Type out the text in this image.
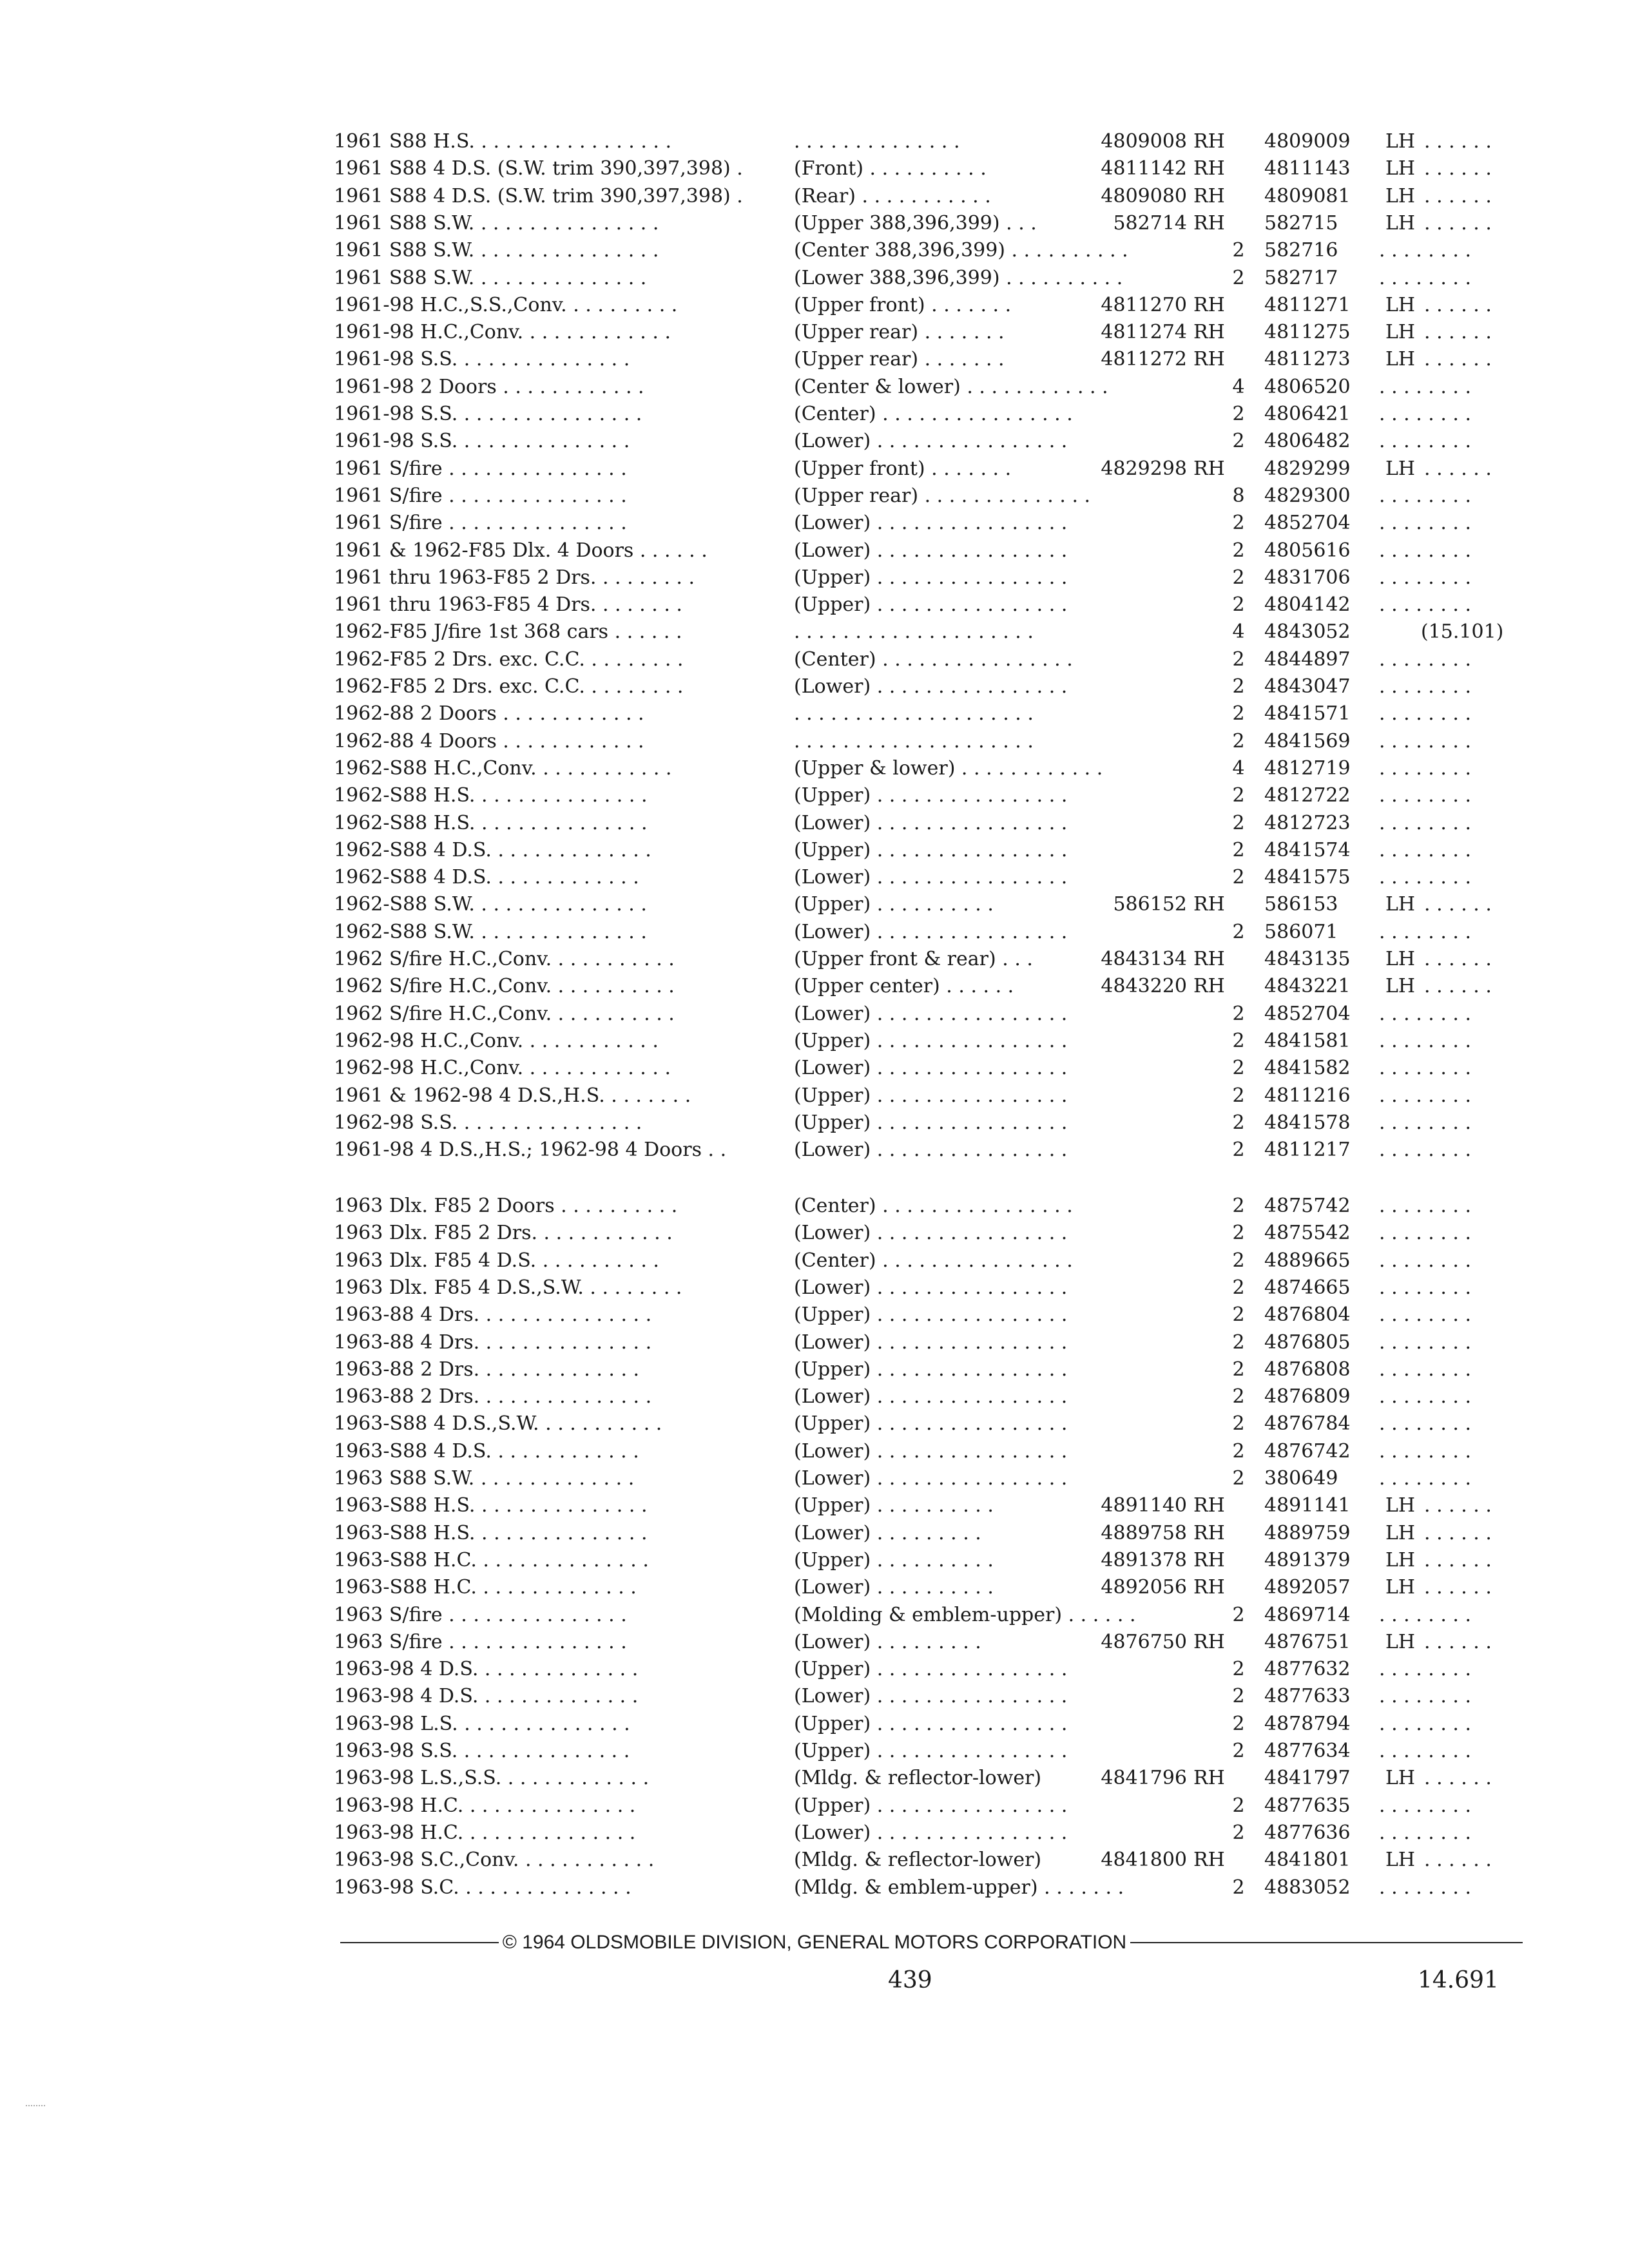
1961 S88 H.S. . . . . . . . . . . . . . . . .	. . . . . . . . . . . . . .	4809008 RH 4809009	LH . . . . . .
1961 S88 4 D.S. (S.W. trim 390,397,398) .	(Front) . . . . . . . . . .	4811142 RH 4811143	LH . . . . . .
1961 S88 4 D.S. (S.W. trim 390,397,398) .	(Rear) . . . . . . . . . . .	4809080 RH 4809081	LH . . . . . .
1961 S88 S.W. . . . . . . . . . . . . . . .	(Upper 388,396,399) . . .	582714 RH 582715	LH . . . . . .
1961 S88 S.W. . . . . . . . . . . . . . . .	(Center 388,396,399) . . . . . . . . . .	2 582716	. . . . . . . .
1961 S88 S.W. . . . . . . . . . . . . . .	(Lower 388,396,399) . . . . . . . . . .	2 582717	. . . . . . . .
1961-98 H.C.,S.S.,Conv. . . . . . . . . .	(Upper front) . . . . . . .	4811270 RH 4811271	LH . . . . . .
1961-98 H.C.,Conv. . . . . . . . . . . . .	(Upper rear) . . . . . . .	4811274 RH 4811275	LH . . . . . .
1961-98 S.S. . . . . . . . . . . . . . .	(Upper rear) . . . . . . .	4811272 RH 4811273	LH . . . . . .
1961-98 2 Doors . . . . . . . . . . . .	(Center & lower) . . . . . . . . . . . .	4 4806520	. . . . . . . .
1961-98 S.S. . . . . . . . . . . . . . . .	(Center) . . . . . . . . . . . . . . . .	2 4806421	. . . . . . . .
1961-98 S.S. . . . . . . . . . . . . . .	(Lower) . . . . . . . . . . . . . . . .	2 4806482	. . . . . . . .
1961 S/fire . . . . . . . . . . . . . . .	(Upper front) . . . . . . .	4829298 RH 4829299	LH . . . . . .
1961 S/fire . . . . . . . . . . . . . . .	(Upper rear) . . . . . . . . . . . . . .	8 4829300	. . . . . . . .
1961 S/fire . . . . . . . . . . . . . . .	(Lower) . . . . . . . . . . . . . . . .	2 4852704	. . . . . . . .
1961 & 1962-F85 Dlx. 4 Doors . . . . . .	(Lower) . . . . . . . . . . . . . . . .	2 4805616	. . . . . . . .
1961 thru 1963-F85 2 Drs. . . . . . . . .	(Upper) . . . . . . . . . . . . . . . .	2 4831706	. . . . . . . .
1961 thru 1963-F85 4 Drs. . . . . . . .	(Upper) . . . . . . . . . . . . . . . .	2 4804142	. . . . . . . .
1962-F85 J/fire 1st 368 cars . . . . . .	. . . . . . . . . . . . . . . . . . . .	4 4843052	(15.101)
1962-F85 2 Drs. exc. C.C. . . . . . . . .	(Center) . . . . . . . . . . . . . . . .	2 4844897	. . . . . . . .
1962-F85 2 Drs. exc. C.C. . . . . . . . .	(Lower) . . . . . . . . . . . . . . . .	2 4843047	. . . . . . . .
1962-88 2 Doors . . . . . . . . . . . .	. . . . . . . . . . . . . . . . . . . .	2 4841571	. . . . . . . .
1962-88 4 Doors . . . . . . . . . . . .	. . . . . . . . . . . . . . . . . . . .	2 4841569	. . . . . . . .
1962-S88 H.C.,Conv. . . . . . . . . . . .	(Upper & lower) . . . . . . . . . . . .	4 4812719	. . . . . . . .
1962-S88 H.S. . . . . . . . . . . . . . .	(Upper) . . . . . . . . . . . . . . . .	2 4812722	. . . . . . . .
1962-S88 H.S. . . . . . . . . . . . . . .	(Lower) . . . . . . . . . . . . . . . .	2 4812723	. . . . . . . .
1962-S88 4 D.S. . . . . . . . . . . . . .	(Upper) . . . . . . . . . . . . . . . .	2 4841574	. . . . . . . .
1962-S88 4 D.S. . . . . . . . . . . . .	(Lower) . . . . . . . . . . . . . . . .	2 4841575	. . . . . . . .
1962-S88 S.W. . . . . . . . . . . . . . .	(Upper) . . . . . . . . . .	586152 RH 586153	LH . . . . . .
1962-S88 S.W. . . . . . . . . . . . . . .	(Lower) . . . . . . . . . . . . . . . .	2 586071	. . . . . . . .
1962 S/fire H.C.,Conv. . . . . . . . . . .	(Upper front & rear) . . .	4843134 RH 4843135	LH . . . . . .
1962 S/fire H.C.,Conv. . . . . . . . . . .	(Upper center) . . . . . .	4843220 RH 4843221	LH . . . . . .
1962 S/fire H.C.,Conv. . . . . . . . . . .	(Lower) . . . . . . . . . . . . . . . .	2 4852704	. . . . . . . .
1962-98 H.C.,Conv. . . . . . . . . . . .	(Upper) . . . . . . . . . . . . . . . .	2 4841581	. . . . . . . .
1962-98 H.C.,Conv. . . . . . . . . . . . .	(Lower) . . . . . . . . . . . . . . . .	2 4841582	. . . . . . . .
1961 & 1962-98 4 D.S.,H.S. . . . . . . .	(Upper) . . . . . . . . . . . . . . . .	2 4811216	. . . . . . . .
1962-98 S.S. . . . . . . . . . . . . . . .	(Upper) . . . . . . . . . . . . . . . .	2 4841578	. . . . . . . .
1961-98 4 D.S.,H.S.; 1962-98 4 Doors . .	(Lower) . . . . . . . . . . . . . . . .	2 4811217	. . . . . . . .
1963 Dlx. F85 2 Doors . . . . . . . . . .	(Center) . . . . . . . . . . . . . . . .	2 4875742	. . . . . . . .
1963 Dlx. F85 2 Drs. . . . . . . . . . . .	(Lower) . . . . . . . . . . . . . . . .	2 4875542	. . . . . . . .
1963 Dlx. F85 4 D.S. . . . . . . . . . .	(Center) . . . . . . . . . . . . . . . .	2 4889665	. . . . . . . .
1963 Dlx. F85 4 D.S.,S.W. . . . . . . . .	(Lower) . . . . . . . . . . . . . . . .	2 4874665	. . . . . . . .
1963-88 4 Drs. . . . . . . . . . . . . . .	(Upper) . . . . . . . . . . . . . . . .	2 4876804	. . . . . . . .
1963-88 4 Drs. . . . . . . . . . . . . . .	(Lower) . . . . . . . . . . . . . . . .	2 4876805	. . . . . . . .
1963-88 2 Drs. . . . . . . . . . . . . .	(Upper) . . . . . . . . . . . . . . . .	2 4876808	. . . . . . . .
1963-88 2 Drs. . . . . . . . . . . . . . .	(Lower) . . . . . . . . . . . . . . . .	2 4876809	. . . . . . . .
1963-S88 4 D.S.,S.W. . . . . . . . . . .	(Upper) . . . . . . . . . . . . . . . .	2 4876784	. . . . . . . .
1963-S88 4 D.S. . . . . . . . . . . . .	(Lower) . . . . . . . . . . . . . . . .	2 4876742	. . . . . . . .
1963 S88 S.W. . . . . . . . . . . . . .	(Lower) . . . . . . . . . . . . . . . .	2 380649	. . . . . . . .
1963-S88 H.S. . . . . . . . . . . . . . .	(Upper) . . . . . . . . . .	4891140 RH 4891141	LH . . . . . .
1963-S88 H.S. . . . . . . . . . . . . . .	(Lower) . . . . . . . . .	4889758 RH 4889759	LH . . . . . .
1963-S88 H.C. . . . . . . . . . . . . . .	(Upper) . . . . . . . . . .	4891378 RH 4891379	LH . . . . . .
1963-S88 H.C. . . . . . . . . . . . . .	(Lower) . . . . . . . . . .	4892056 RH 4892057	LH . . . . . .
1963 S/fire . . . . . . . . . . . . . . .	(Molding & emblem-upper) . . . . . .	2 4869714	. . . . . . . .
1963 S/fire . . . . . . . . . . . . . . .	(Lower) . . . . . . . . .	4876750 RH 4876751	LH . . . . . .
1963-98 4 D.S. . . . . . . . . . . . . .	(Upper) . . . . . . . . . . . . . . . .	2 4877632	. . . . . . . .
1963-98 4 D.S. . . . . . . . . . . . . .	(Lower) . . . . . . . . . . . . . . . .	2 4877633	. . . . . . . .
1963-98 L.S. . . . . . . . . . . . . . .	(Upper) . . . . . . . . . . . . . . . .	2 4878794	. . . . . . . .
1963-98 S.S. . . . . . . . . . . . . . .	(Upper) . . . . . . . . . . . . . . . .	2 4877634	. . . . . . . .
1963-98 L.S.,S.S. . . . . . . . . . . . .	(Mldg. & reflector-lower)	4841796 RH 4841797	LH . . . . . .
1963-98 H.C. . . . . . . . . . . . . . .	(Upper) . . . . . . . . . . . . . . . .	2 4877635	. . . . . . . .
1963-98 H.C. . . . . . . . . . . . . . .	(Lower) . . . . . . . . . . . . . . . .	2 4877636	. . . . . . . .
1963-98 S.C.,Conv. . . . . . . . . . . .	(Mldg. & reflector-lower)	4841800 RH 4841801	LH . . . . . .
1963-98 S.C. . . . . . . . . . . . . . .	(Mldg. & emblem-upper) . . . . . . .	2 4883052	. . . . . . . .
© 1964 OLDSMOBILE DIVISION, GENERAL MOTORS CORPORATION
439	14.691
